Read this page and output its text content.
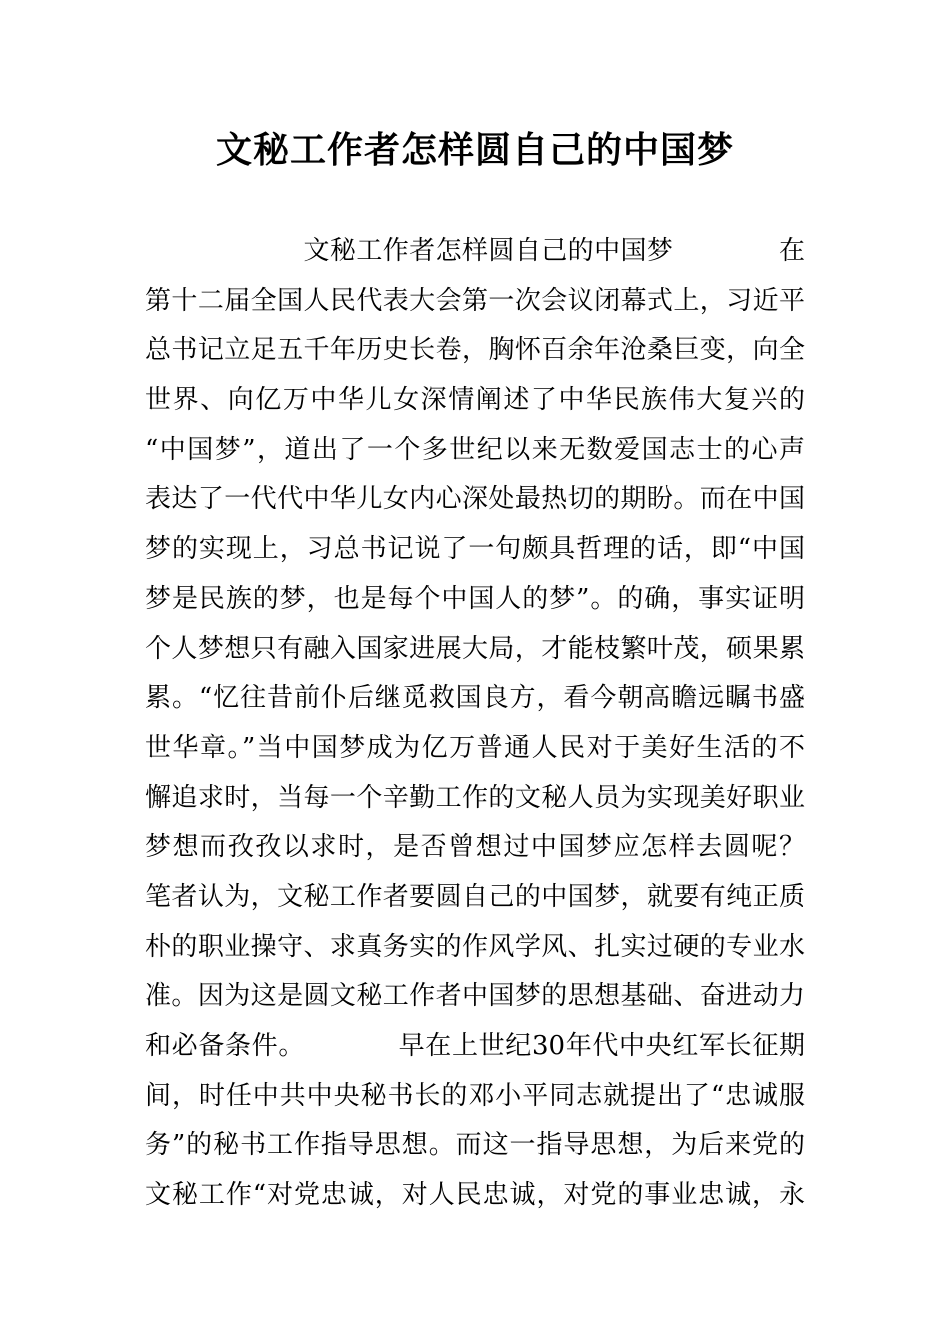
文秘工作者怎样圆自己的中国梦
　　　　　　文秘工作者怎样圆自己的中国梦　　　　在
第十二届全国人民代表大会第一次会议闭幕式上，习近平
总书记立足五千年历史长卷，胸怀百余年沧桑巨变，向全
世界、向亿万中华儿女深情阐述了中华民族伟大复兴的
“中国梦”，道出了一个多世纪以来无数爱国志士的心声
表达了一代代中华儿女内心深处最热切的期盼。而在中国
梦的实现上，习总书记说了一句颇具哲理的话，即“中国
梦是民族的梦，也是每个中国人的梦”。的确，事实证明
个人梦想只有融入国家进展大局，才能枝繁叶茂，硕果累
累。“忆往昔前仆后继觅救国良方，看今朝高瞻远瞩书盛
世华章。”当中国梦成为亿万普通人民对于美好生活的不
懈追求时，当每一个辛勤工作的文秘人员为实现美好职业
梦想而孜孜以求时，是否曾想过中国梦应怎样去圆呢？
笔者认为，文秘工作者要圆自己的中国梦，就要有纯正质
朴的职业操守、求真务实的作风学风、扎实过硬的专业水
准。因为这是圆文秘工作者中国梦的思想基础、奋进动力
和必备条件。　　　　早在上世纪30年代中央红军长征期
间，时任中共中央秘书长的邓小平同志就提出了“忠诚服
务”的秘书工作指导思想。而这一指导思想，为后来党的
文秘工作“对党忠诚，对人民忠诚，对党的事业忠诚，永
